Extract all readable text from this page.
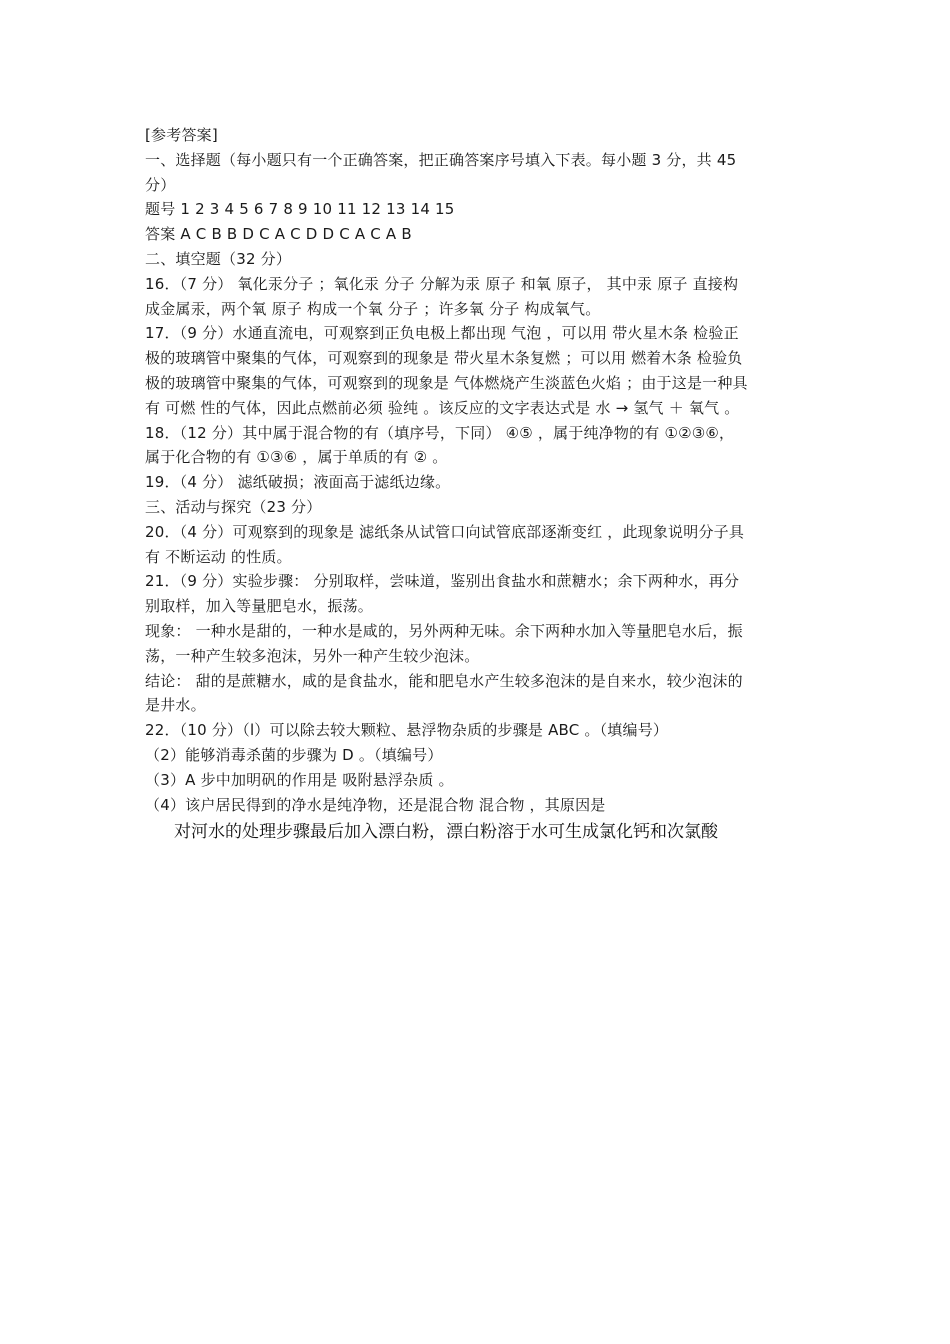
[参考答案]
一、选择题（每小题只有一个正确答案，把正确答案序号填入下表。每小题 3 分，共 45
分）
题号 1 2 3 4 5 6 7 8 9 10 11 12 13 14 15
答案 A C B B D C A C D D C A C A B
二、填空题（32 分）
16．（7 分） 氧化汞分子 ；氧化汞 分子 分解为汞 原子 和氧 原子， 其中汞 原子 直接构
成金属汞，两个氧 原子 构成一个氧 分子 ；许多氧 分子 构成氧气。
17．（9 分）水通直流电，可观察到正负电极上都出现 气泡 ，可以用 带火星木条 检验正
极的玻璃管中聚集的气体，可观察到的现象是 带火星木条复燃 ；可以用 燃着木条 检验负
极的玻璃管中聚集的气体，可观察到的现象是 气体燃烧产生淡蓝色火焰 ；由于这是一种具
有 可燃 性的气体，因此点燃前必须 验纯 。该反应的文字表达式是 水 → 氢气 ＋ 氧气 。
18．（12 分）其中属于混合物的有（填序号，下同） ④⑤ ，属于纯净物的有 ①②③⑥，
属于化合物的有 ①③⑥ ，属于单质的有 ② 。
19．（4 分） 滤纸破损；液面高于滤纸边缘。
三、活动与探究（23 分）
20．（4 分）可观察到的现象是 滤纸条从试管口向试管底部逐渐变红 ，此现象说明分子具
有 不断运动 的性质。
21．（9 分）实验步骤： 分别取样，尝味道，鉴别出食盐水和蔗糖水；余下两种水，再分
别取样，加入等量肥皂水，振荡。
现象： 一种水是甜的，一种水是咸的，另外两种无味。余下两种水加入等量肥皂水后，振
荡，一种产生较多泡沫，另外一种产生较少泡沫。
结论： 甜的是蔗糖水，咸的是食盐水，能和肥皂水产生较多泡沫的是自来水，较少泡沫的
是井水。
22．（10 分）（l）可以除去较大颗粒、悬浮物杂质的步骤是 ABC 。（填编号）
（2）能够消毒杀菌的步骤为 D 。（填编号）
（3）A 步中加明矾的作用是 吸附悬浮杂质 。
（4）该户居民得到的净水是纯净物，还是混合物 混合物 ，其原因是
对河水的处理步骤最后加入漂白粉，漂白粉溶于水可生成氯化钙和次氯酸
